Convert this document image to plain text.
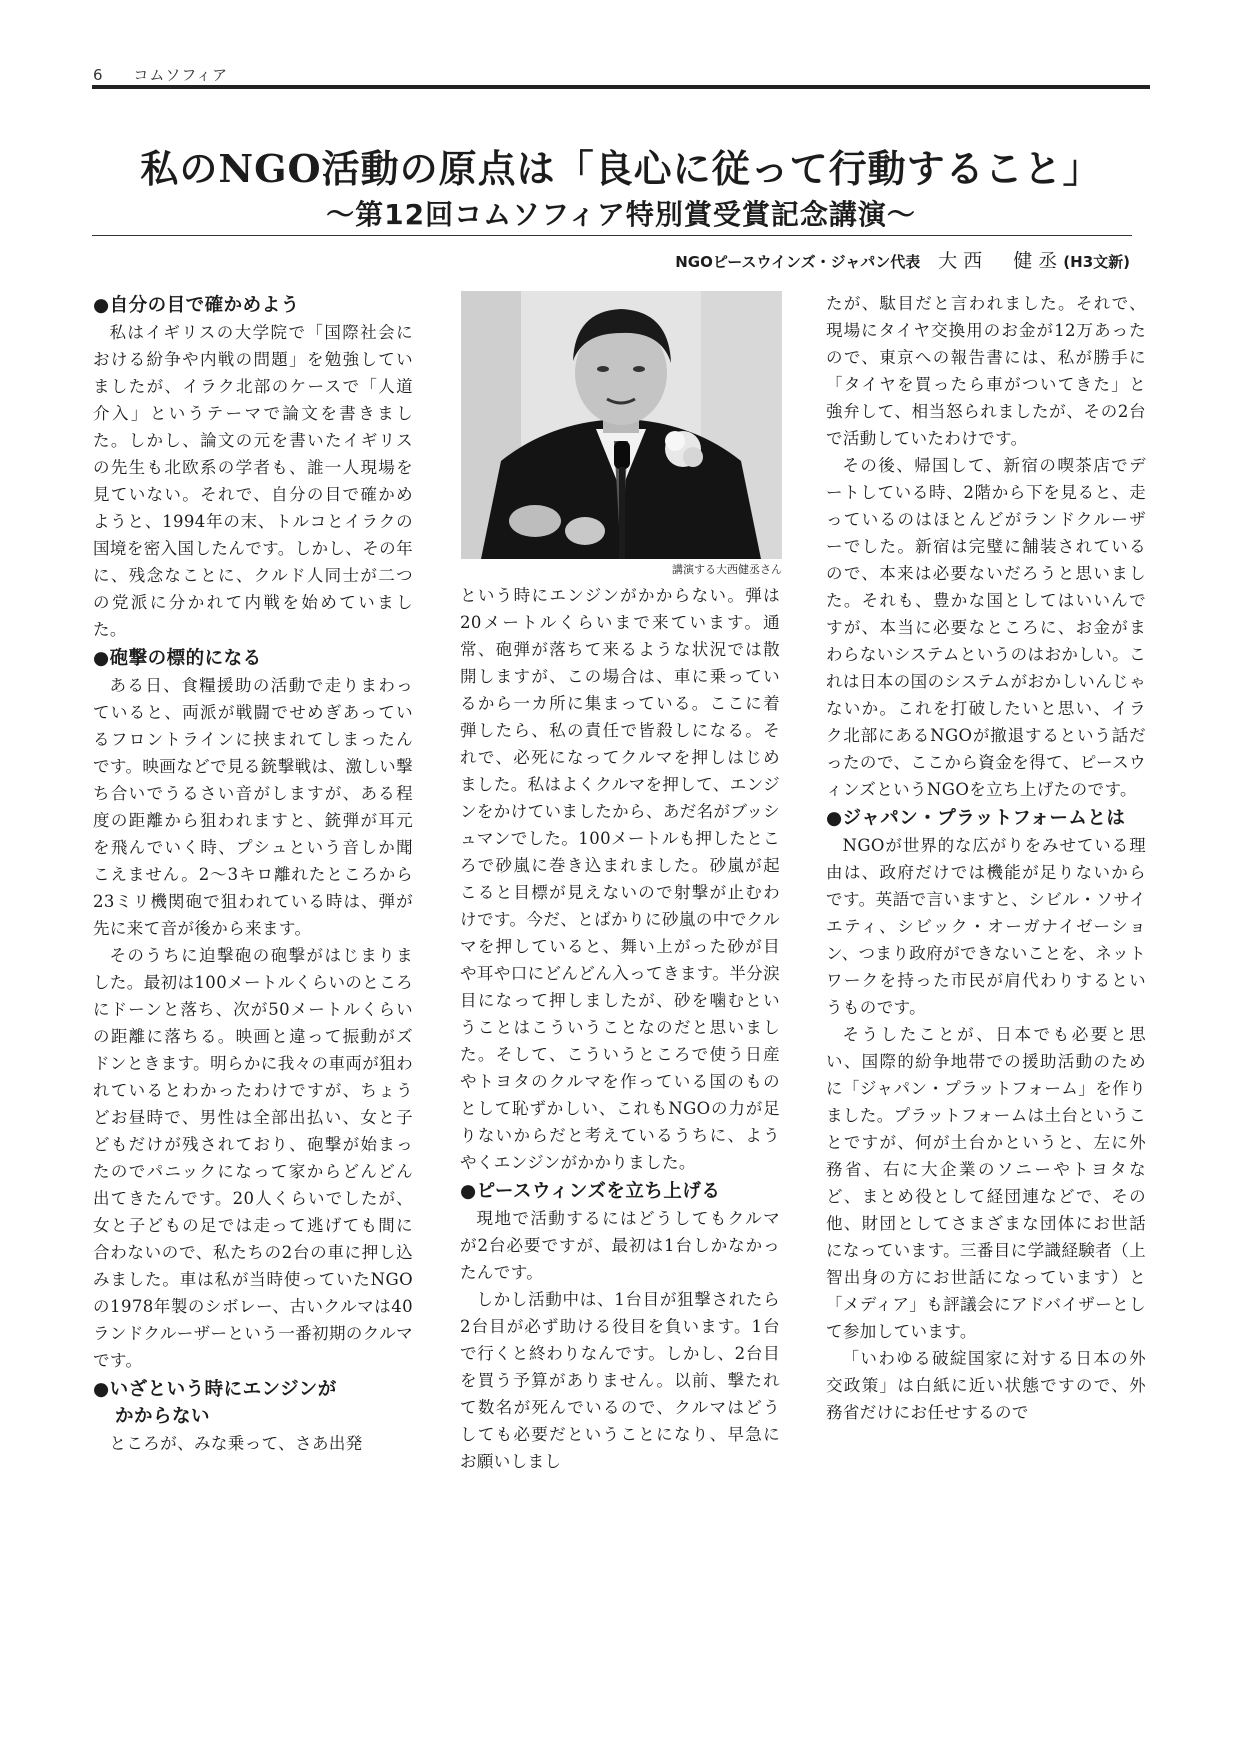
6 コムソフィア
私のNGO活動の原点は「良心に従って行動すること」
〜第12回コムソフィア特別賞受賞記念講演〜
NGOピースウインズ・ジャパン代表 大西　健丞(H3文新)
●自分の目で確かめよう

私はイギリスの大学院で「国際社会における紛争や内戦の問題」を勉強していましたが、イラク北部のケースで「人道介入」というテーマで論文を書きました。しかし、論文の元を書いたイギリスの先生も北欧系の学者も、誰一人現場を見ていない。それで、自分の目で確かめようと、1994年の末、トルコとイラクの国境を密入国したんです。しかし、その年に、残念なことに、クルド人同士が二つの党派に分かれて内戦を始めていました。

●砲撃の標的になる

ある日、食糧援助の活動で走りまわっていると、両派が戦闘でせめぎあっているフロントラインに挟まれてしまったんです。映画などで見る銃撃戦は、激しい撃ち合いでうるさい音がしますが、ある程度の距離から狙われますと、銃弾が耳元を飛んでいく時、プシュという音しか聞こえません。2〜3キロ離れたところから23ミリ機関砲で狙われている時は、弾が先に来て音が後から来ます。

そのうちに迫撃砲の砲撃がはじまりました。最初は100メートルくらいのところにドーンと落ち、次が50メートルくらいの距離に落ちる。映画と違って振動がズドンときます。明らかに我々の車両が狙われているとわかったわけですが、ちょうどお昼時で、男性は全部出払い、女と子どもだけが残されており、砲撃が始まったのでパニックになって家からどんどん出てきたんです。20人くらいでしたが、女と子どもの足では走って逃げても間に合わないので、私たちの2台の車に押し込みました。車は私が当時使っていたNGOの1978年製のシボレー、古いクルマは40ランドクルーザーという一番初期のクルマです。

●いざという時にエンジンが
かからない

ところが、みな乗って、さあ出発

講演する大西健丞さん

という時にエンジンがかからない。弾は20メートルくらいまで来ています。通常、砲弾が落ちて来るような状況では散開しますが、この場合は、車に乗っているから一カ所に集まっている。ここに着弾したら、私の責任で皆殺しになる。それで、必死になってクルマを押しはじめました。私はよくクルマを押して、エンジンをかけていましたから、あだ名がブッシュマンでした。100メートルも押したところで砂嵐に巻き込まれました。砂嵐が起こると目標が見えないので射撃が止むわけです。今だ、とばかりに砂嵐の中でクルマを押していると、舞い上がった砂が目や耳や口にどんどん入ってきます。半分涙目になって押しましたが、砂を噛むということはこういうことなのだと思いました。そして、こういうところで使う日産やトヨタのクルマを作っている国のものとして恥ずかしい、これもNGOの力が足りないからだと考えているうちに、ようやくエンジンがかかりました。

●ピースウィンズを立ち上げる

現地で活動するにはどうしてもクルマが2台必要ですが、最初は1台しかなかったんです。

しかし活動中は、1台目が狙撃されたら2台目が必ず助ける役目を負います。1台で行くと終わりなんです。しかし、2台目を買う予算がありません。以前、撃たれて数名が死んでいるので、クルマはどうしても必要だということになり、早急にお願いしまし

たが、駄目だと言われました。それで、現場にタイヤ交換用のお金が12万あったので、東京への報告書には、私が勝手に「タイヤを買ったら車がついてきた」と強弁して、相当怒られましたが、その2台で活動していたわけです。

その後、帰国して、新宿の喫茶店でデートしている時、2階から下を見ると、走っているのはほとんどがランドクルーザーでした。新宿は完璧に舗装されているので、本来は必要ないだろうと思いました。それも、豊かな国としてはいいんですが、本当に必要なところに、お金がまわらないシステムというのはおかしい。これは日本の国のシステムがおかしいんじゃないか。これを打破したいと思い、イラク北部にあるNGOが撤退するという話だったので、ここから資金を得て、ピースウィンズというNGOを立ち上げたのです。

●ジャパン・プラットフォームとは

NGOが世界的な広がりをみせている理由は、政府だけでは機能が足りないからです。英語で言いますと、シビル・ソサイエティ、シビック・オーガナイゼーション、つまり政府ができないことを、ネットワークを持った市民が肩代わりするというものです。

そうしたことが、日本でも必要と思い、国際的紛争地帯での援助活動のために「ジャパン・プラットフォーム」を作りました。プラットフォームは土台ということですが、何が土台かというと、左に外務省、右に大企業のソニーやトヨタなど、まとめ役として経団連などで、その他、財団としてさまざまな団体にお世話になっています。三番目に学識経験者（上智出身の方にお世話になっています）と「メディア」も評議会にアドバイザーとして参加しています。

「いわゆる破綻国家に対する日本の外交政策」は白紙に近い状態ですので、外務省だけにお任せするので
